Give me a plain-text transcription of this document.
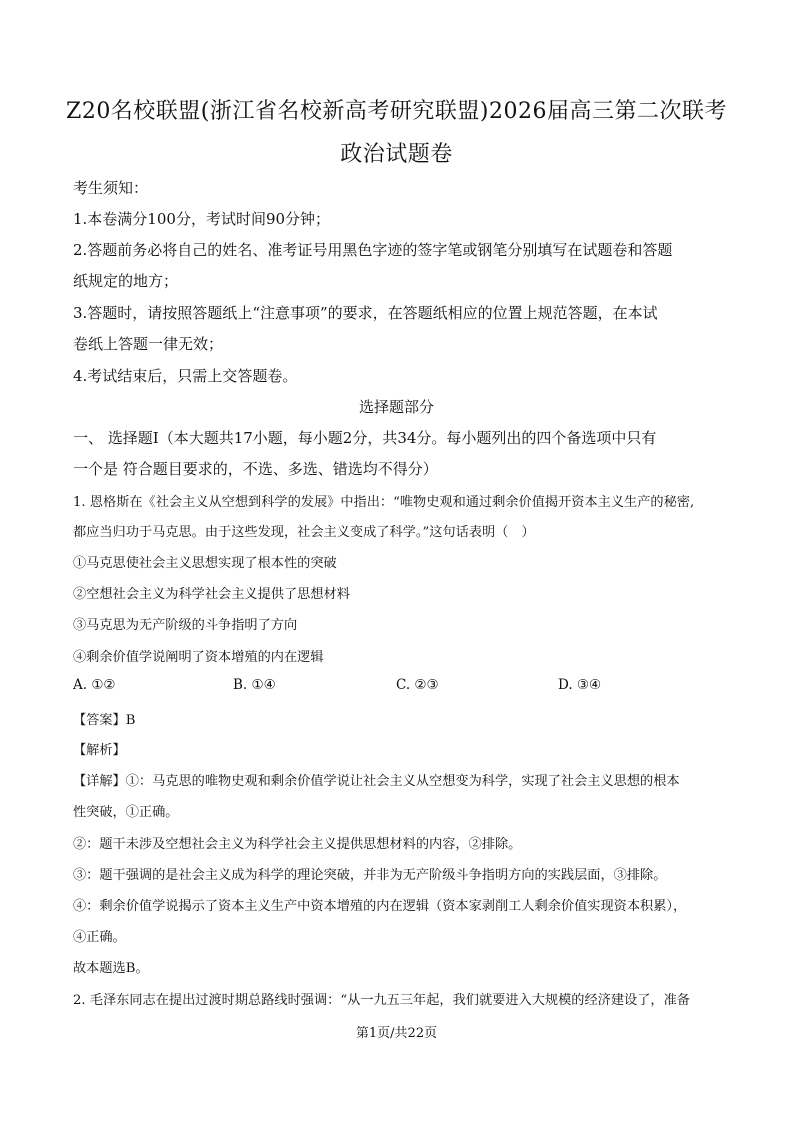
Z20名校联盟(浙江省名校新高考研究联盟)2026届高三第二次联考
政治试题卷
考生须知：
1.本卷满分100分，考试时间90分钟；
2.答题前务必将自己的姓名、准考证号用黑色字迹的签字笔或钢笔分别填写在试题卷和答题
纸规定的地方；
3.答题时，请按照答题纸上“注意事项”的要求，在答题纸相应的位置上规范答题，在本试
卷纸上答题一律无效；
4.考试结束后，只需上交答题卷。
选择题部分
一、 选择题Ⅰ（本大题共17小题，每小题2分，共34分。每小题列出的四个备选项中只有
一个是 符合题目要求的，不选、多选、错选均不得分）
1. 恩格斯在《社会主义从空想到科学的发展》中指出：“唯物史观和通过剩余价值揭开资本主义生产的秘密,
都应当归功于马克思。由于这些发现，社会主义变成了科学。”这句话表明（　）
①马克思使社会主义思想实现了根本性的突破
②空想社会主义为科学社会主义提供了思想材料
③马克思为无产阶级的斗争指明了方向
④剩余价值学说阐明了资本增殖的内在逻辑
A. ①②	B. ①④	C. ②③	D. ③④
【答案】B
【解析】
【详解】①：马克思的唯物史观和剩余价值学说让社会主义从空想变为科学，实现了社会主义思想的根本
性突破，①正确。
②：题干未涉及空想社会主义为科学社会主义提供思想材料的内容，②排除。
③：题干强调的是社会主义成为科学的理论突破，并非为无产阶级斗争指明方向的实践层面，③排除。
④：剩余价值学说揭示了资本主义生产中资本增殖的内在逻辑（资本家剥削工人剩余价值实现资本积累），
④正确。
故本题选B。
2. 毛泽东同志在提出过渡时期总路线时强调：“从一九五三年起，我们就要进入大规模的经济建设了，准备
第1页/共22页
